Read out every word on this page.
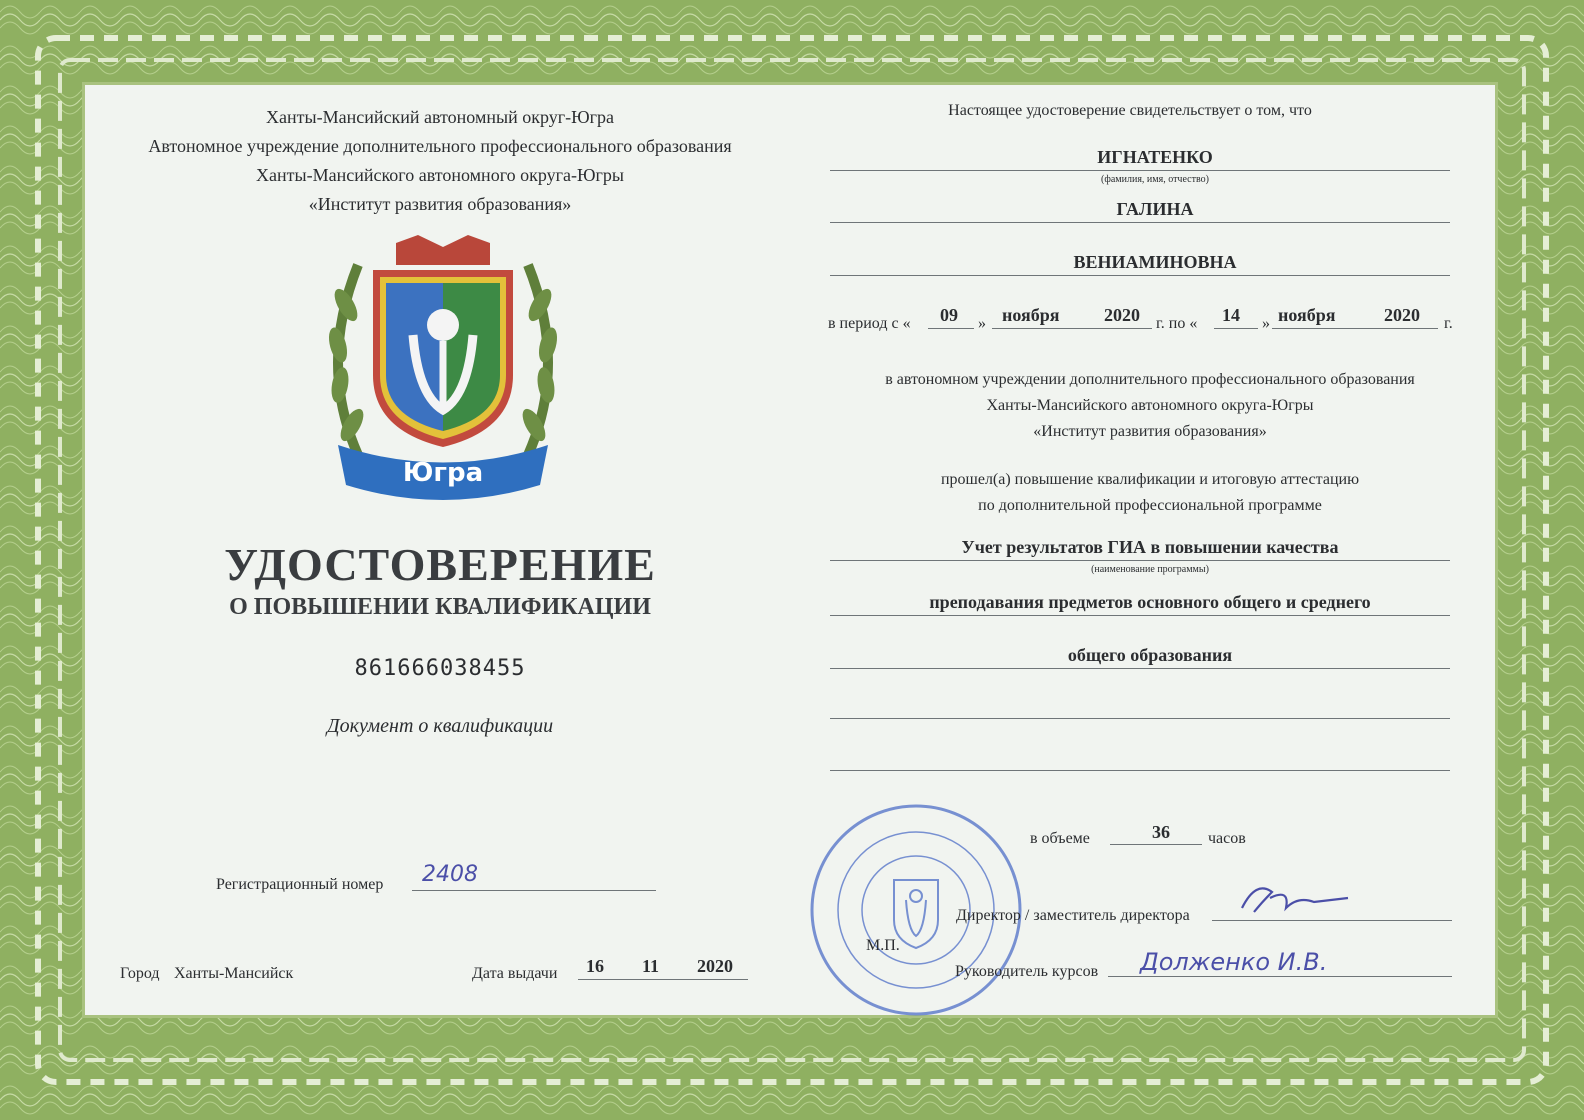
Ханты-Мансийский автономный округ-Югра
Автономное учреждение дополнительного профессионального образования
Ханты-Мансийского автономного округа-Югры
«Институт развития образования»
Югра
УДОСТОВЕРЕНИЕ
О ПОВЫШЕНИИ КВАЛИФИКАЦИИ
861666038455
Документ о квалификации
Регистрационный номер 2408
Город Ханты-Мансийск	Дата выдачи 16 11 2020
Настоящее удостоверение свидетельствует о том, что
ИГНАТЕНКО
(фамилия, имя, отчество)
ГАЛИНА
ВЕНИАМИНОВНА
в период с « 09 » ноября 2020 г. по « 14 » ноября	2020 г.
в автономном учреждении дополнительного профессионального образования
Ханты-Мансийского автономного округа-Югры
«Институт развития образования»
прошел(а) повышение квалификации и итоговую аттестацию
по дополнительной профессиональной программе
Учет результатов ГИА в повышении качества
(наименование программы)
преподавания предметов основного общего и среднего
общего образования
в объеме	36 часов
Директор / заместитель директора
М.П.
Руководитель курсов Долженко И.В.
